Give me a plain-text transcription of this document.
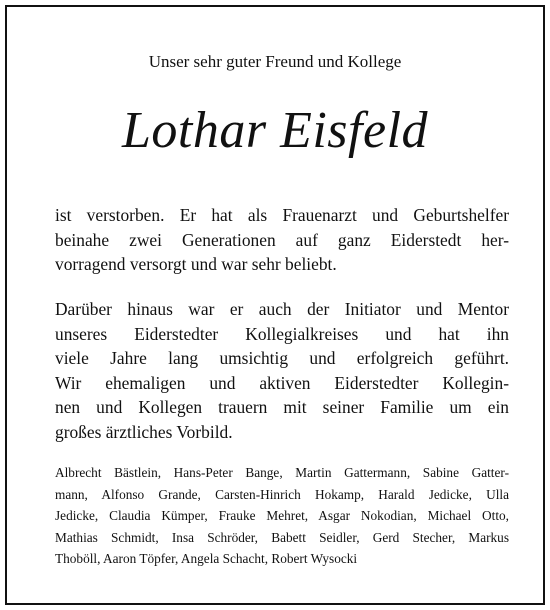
Unser sehr guter Freund und Kollege
Lothar Eisfeld
ist verstorben. Er hat als Frauenarzt und Geburtshelfer
beinahe zwei Generationen auf ganz Eiderstedt her-
vorragend versorgt und war sehr beliebt.
Darüber hinaus war er auch der Initiator und Mentor
unseres Eiderstedter Kollegialkreises und hat ihn
viele Jahre lang umsichtig und erfolgreich geführt.
Wir ehemaligen und aktiven Eiderstedter Kollegin-
nen und Kollegen trauern mit seiner Familie um ein
großes ärztliches Vorbild.
Albrecht Bästlein, Hans-Peter Bange, Martin Gattermann, Sabine Gatter-
mann, Alfonso Grande, Carsten-Hinrich Hokamp, Harald Jedicke, Ulla
Jedicke, Claudia Kümper, Frauke Mehret, Asgar Nokodian, Michael Otto,
Mathias Schmidt, Insa Schröder, Babett Seidler, Gerd Stecher, Markus
Thoböll, Aaron Töpfer, Angela Schacht, Robert Wysocki
